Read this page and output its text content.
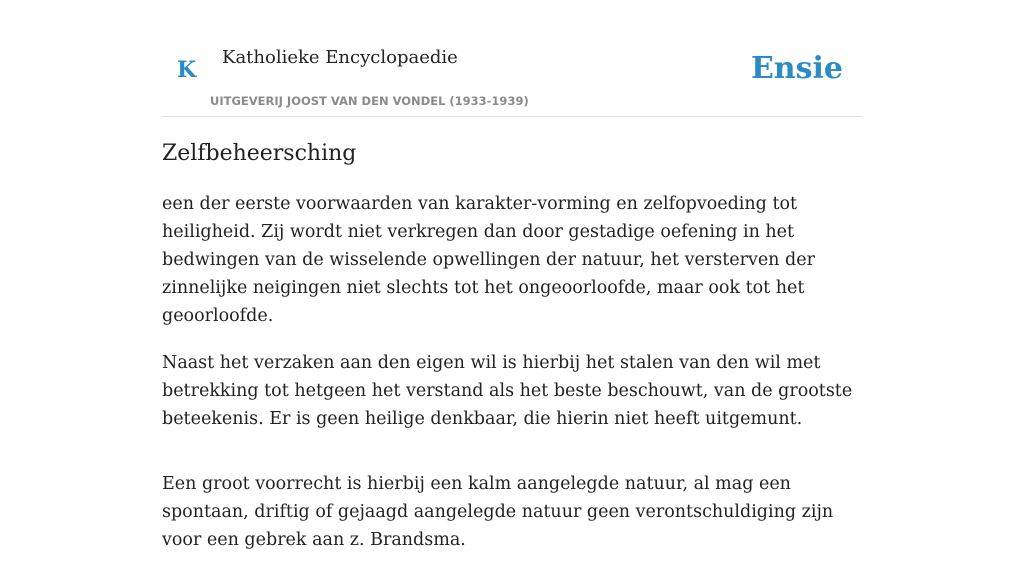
K Katholieke Encyclopaedie
UITGEVERIJ JOOST VAN DEN VONDEL (1933-1939)
Ensie
Zelfbeheersching

een der eerste voorwaarden van karakter-vorming en zelfopvoeding tot heiligheid. Zij wordt niet verkregen dan door gestadige oefening in het bedwingen van de wisselende opwellingen der natuur, het versterven der zinnelijke neigingen niet slechts tot het ongeoorloofde, maar ook tot het geoorloofde.

Naast het verzaken aan den eigen wil is hierbij het stalen van den wil met betrekking tot hetgeen het verstand als het beste beschouwt, van de grootste beteekenis. Er is geen heilige denkbaar, die hierin niet heeft uitgemunt.

Een groot voorrecht is hierbij een kalm aangelegde natuur, al mag een spontaan, driftig of gejaagd aangelegde natuur geen verontschuldiging zijn voor een gebrek aan z. Brandsma.
